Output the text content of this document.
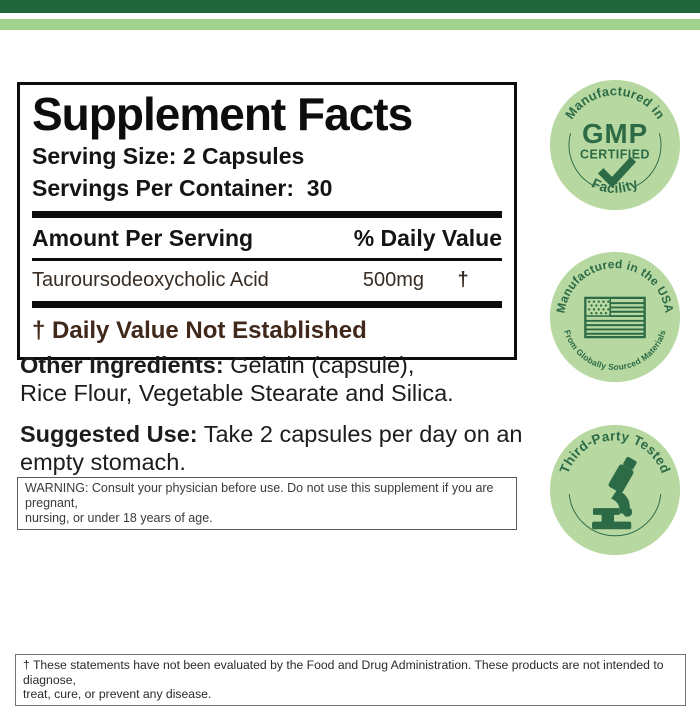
Supplement Facts
Serving Size: 2 Capsules
Servings Per Container:  30
Amount Per Serving	% Daily Value
Tauroursodeoxycholic Acid	500mg	†
† Daily Value Not Established

Other Ingredients: Gelatin (capsule),
Rice Flour, Vegetable Stearate and Silica.

Suggested Use: Take 2 capsules per day on an
empty stomach.

WARNING: Consult your physician before use. Do not use this supplement if you are pregnant,
nursing, or under 18 years of age.
Manufactured in
GMP
CERTIFIED
Facility
Manufactured in the USA
From Globally Sourced Materials
Third-Party Tested
† These statements have not been evaluated by the Food and Drug Administration. These products are not intended to diagnose,
treat, cure, or prevent any disease.
